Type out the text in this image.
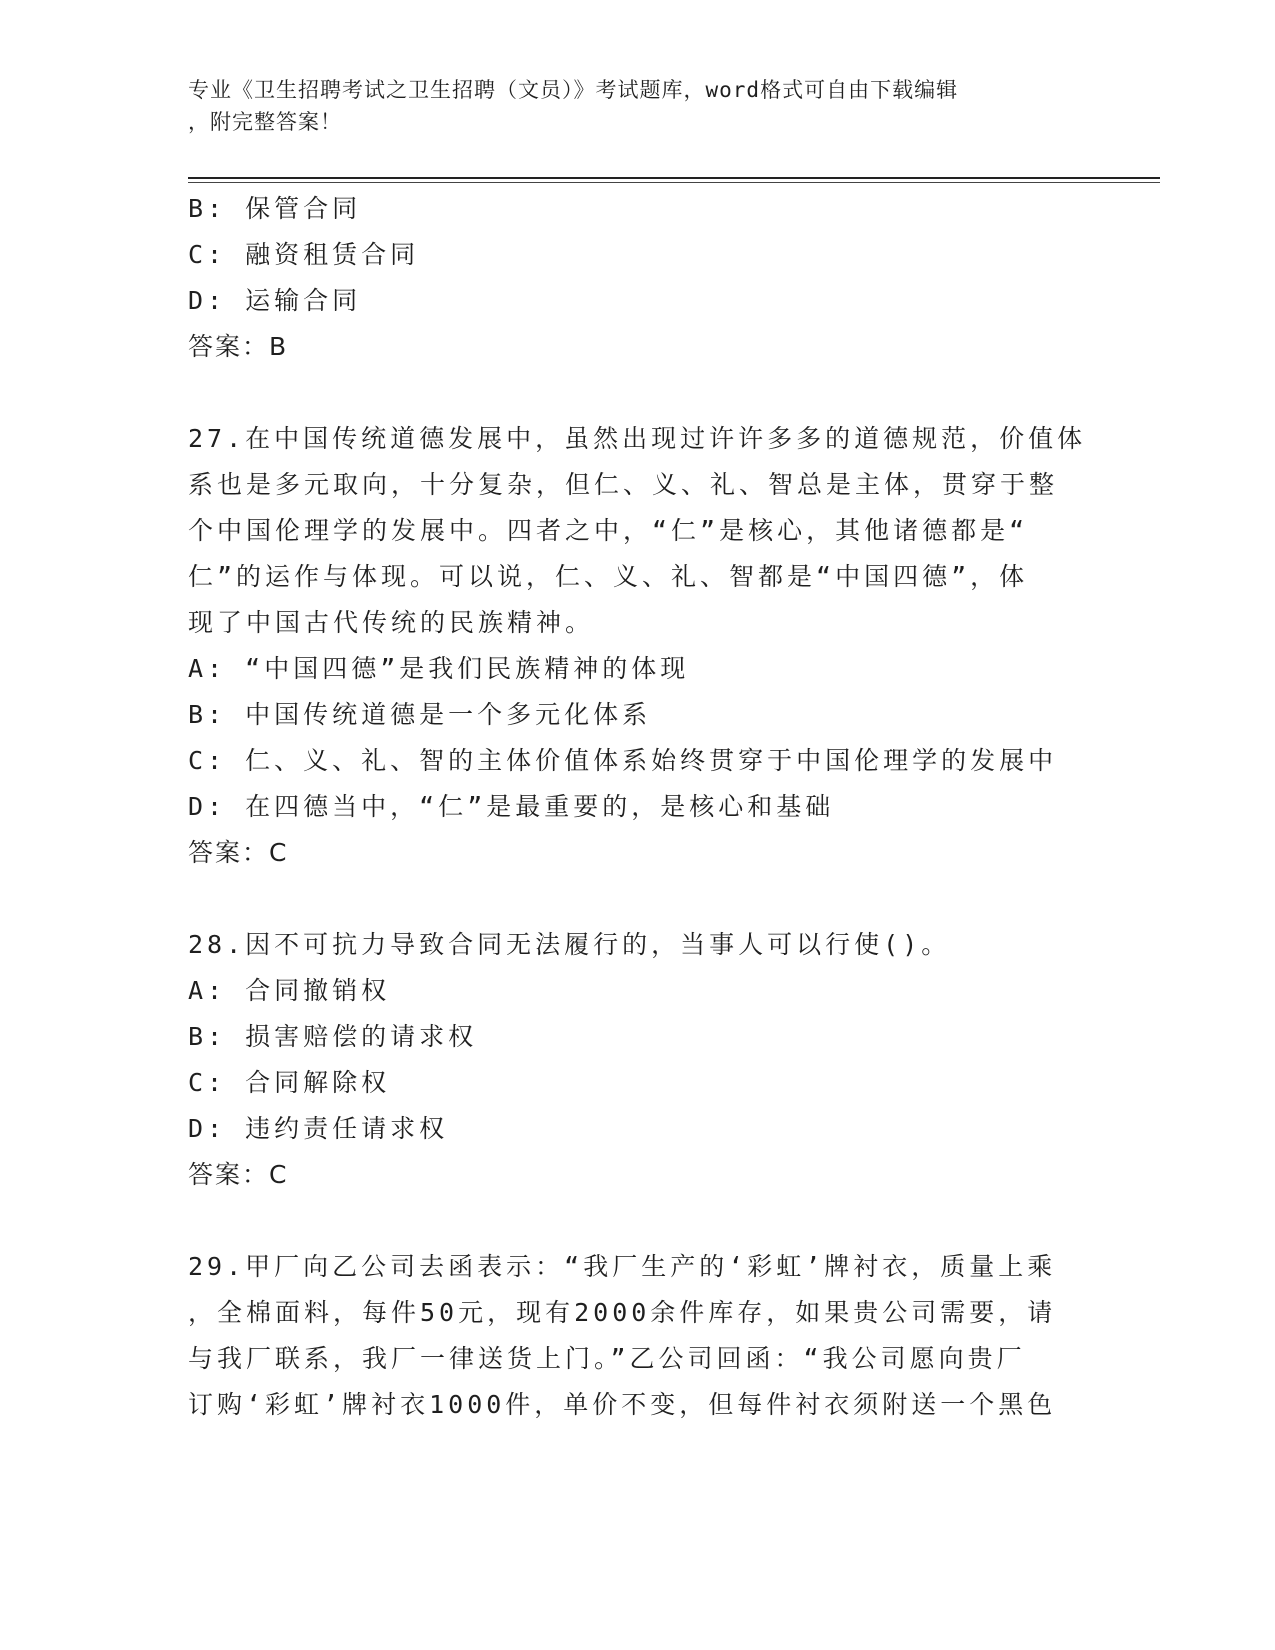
专业《卫生招聘考试之卫生招聘（文员）》考试题库，word格式可自由下载编辑
，附完整答案！
B: 保管合同
C: 融资租赁合同
D: 运输合同
答案：B
27.在中国传统道德发展中，虽然出现过许许多多的道德规范，价值体
系也是多元取向，十分复杂，但仁、义、礼、智总是主体，贯穿于整
个中国伦理学的发展中。四者之中，“仁”是核心，其他诸德都是“
仁”的运作与体现。可以说，仁、义、礼、智都是“中国四德”，体
现了中国古代传统的民族精神。
A: “中国四德”是我们民族精神的体现
B: 中国传统道德是一个多元化体系
C: 仁、义、礼、智的主体价值体系始终贯穿于中国伦理学的发展中
D: 在四德当中，“仁”是最重要的，是核心和基础
答案：C
28.因不可抗力导致合同无法履行的，当事人可以行使()。
A: 合同撤销权
B: 损害赔偿的请求权
C: 合同解除权
D: 违约责任请求权
答案：C
29.甲厂向乙公司去函表示：“我厂生产的‘彩虹’牌衬衣，质量上乘
，全棉面料，每件50元，现有2000余件库存，如果贵公司需要，请
与我厂联系，我厂一律送货上门。”乙公司回函：“我公司愿向贵厂
订购‘彩虹’牌衬衣1000件，单价不变，但每件衬衣须附送一个黑色
